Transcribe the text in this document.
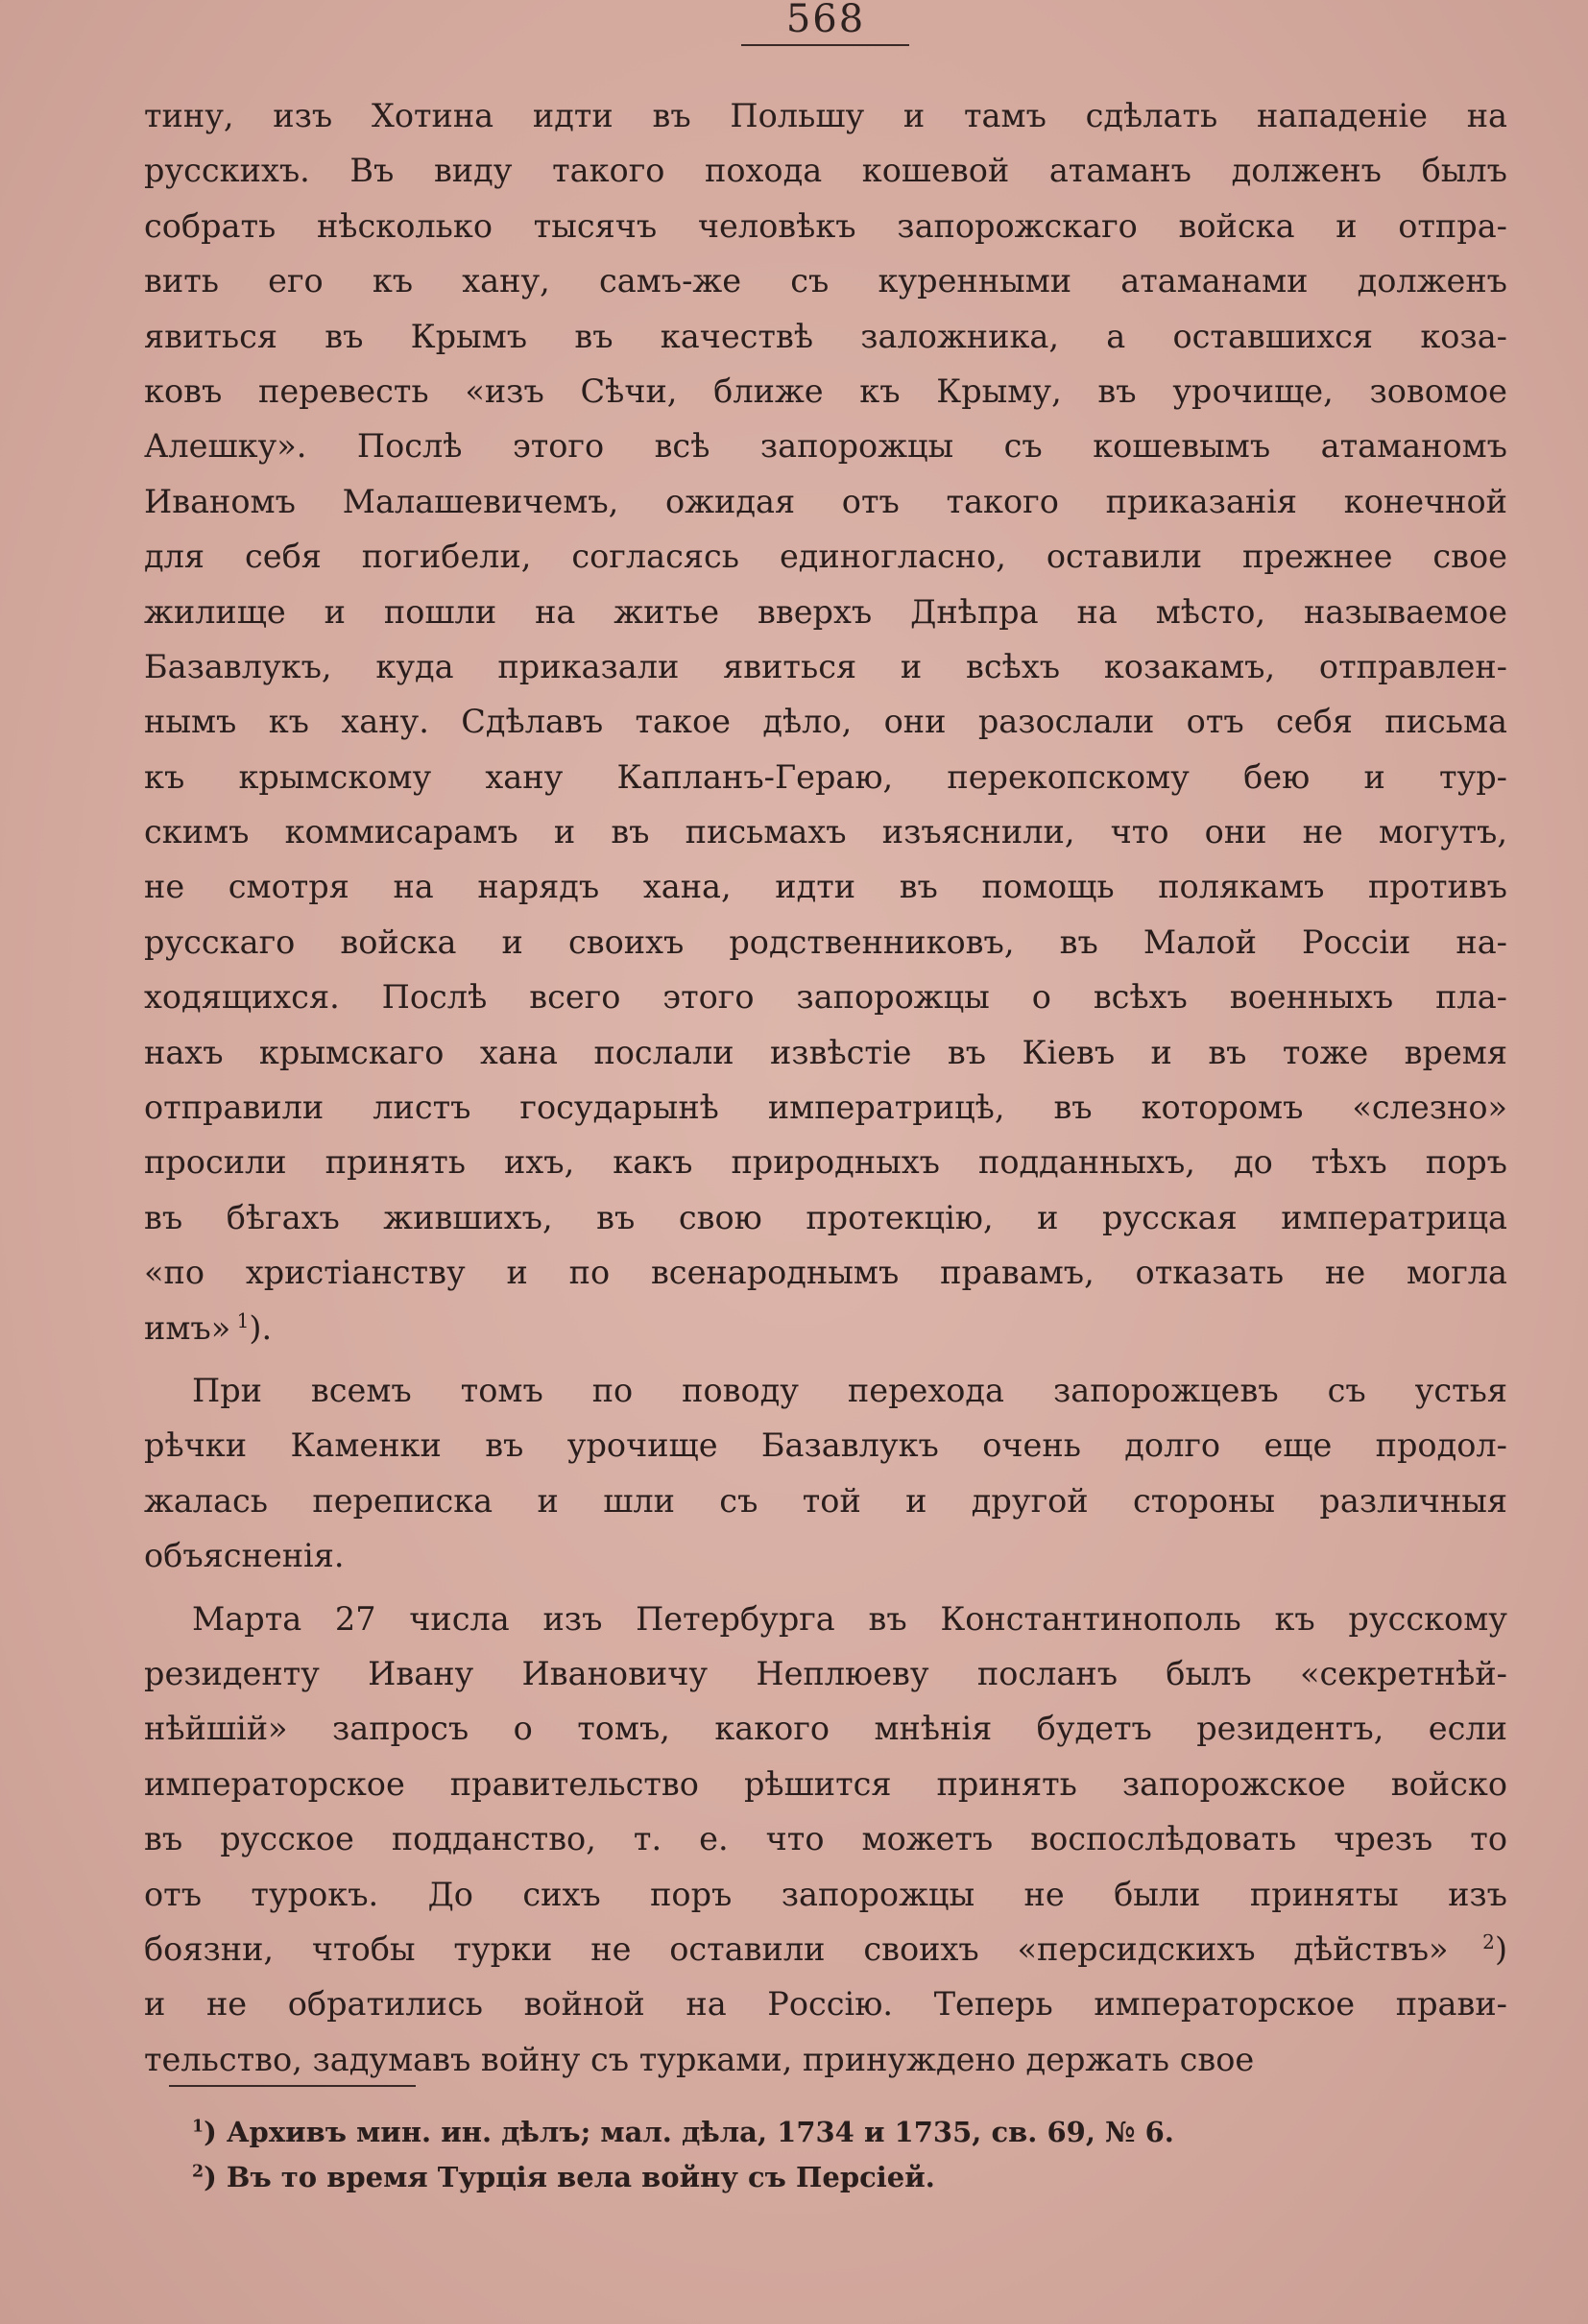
568
тину, изъ Хотина идти въ Польшу и тамъ сдѣлать нападеніе на
русскихъ. Въ виду такого похода кошевой атаманъ долженъ былъ
собрать нѣсколько тысячъ человѣкъ запорожскаго войска и отпра-
вить его къ хану, самъ-же съ куренными атаманами долженъ
явиться въ Крымъ въ качествѣ заложника, а оставшихся коза-
ковъ перевесть «изъ Сѣчи, ближе къ Крыму, въ урочище, зовомое
Алешку». Послѣ этого всѣ запорожцы съ кошевымъ атаманомъ
Иваномъ Малашевичемъ, ожидая отъ такого приказанія конечной
для себя погибели, согласясь единогласно, оставили прежнее свое
жилище и пошли на житье вверхъ Днѣпра на мѣсто, называемое
Базавлукъ, куда приказали явиться и всѣхъ козакамъ, отправлен-
нымъ къ хану. Сдѣлавъ такое дѣло, они разослали отъ себя письма
къ крымскому хану Капланъ-Гераю, перекопскому бею и тур-
скимъ коммисарамъ и въ письмахъ изъяснили, что они не могутъ,
не смотря на нарядъ хана, идти въ помощь полякамъ противъ
русскаго войска и своихъ родственниковъ, въ Малой Россіи на-
ходящихся. Послѣ всего этого запорожцы о всѣхъ военныхъ пла-
нахъ крымскаго хана послали извѣстіе въ Кіевъ и въ тоже время
отправили листъ государынѣ императрицѣ, въ которомъ «слезно»
просили принять ихъ, какъ природныхъ подданныхъ, до тѣхъ поръ
въ бѣгахъ жившихъ, въ свою протекцію, и русская императрица
«по христіанству и по всенароднымъ правамъ, отказать не могла
имъ» $^1$).
При всемъ томъ по поводу перехода запорожцевъ съ устья
рѣчки Каменки въ урочище Базавлукъ очень долго еще продол-
жалась переписка и шли съ той и другой стороны различныя
объясненія.
Марта 27 числа изъ Петербурга въ Константинополь къ русскому
резиденту Ивану Ивановичу Неплюеву посланъ былъ «секретнѣй-
нѣйшій» запросъ о томъ, какого мнѣнія будетъ резидентъ, если
императорское правительство рѣшится принять запорожское войско
въ русское подданство, т. е. что можетъ воспослѣдовать чрезъ то
отъ турокъ. До сихъ поръ запорожцы не были приняты изъ
боязни, чтобы турки не оставили своихъ «персидскихъ дѣйствъ» $^2$)
и не обратились войной на Россію. Теперь императорское прави-
тельство, задумавъ войну съ турками, принуждено держать свое
$^1$) Архивъ мин. ин. дѣлъ; мал. дѣла, 1734 и 1735, св. 69, № 6.
$^2$) Въ то время Турція вела войну съ Персіей.
